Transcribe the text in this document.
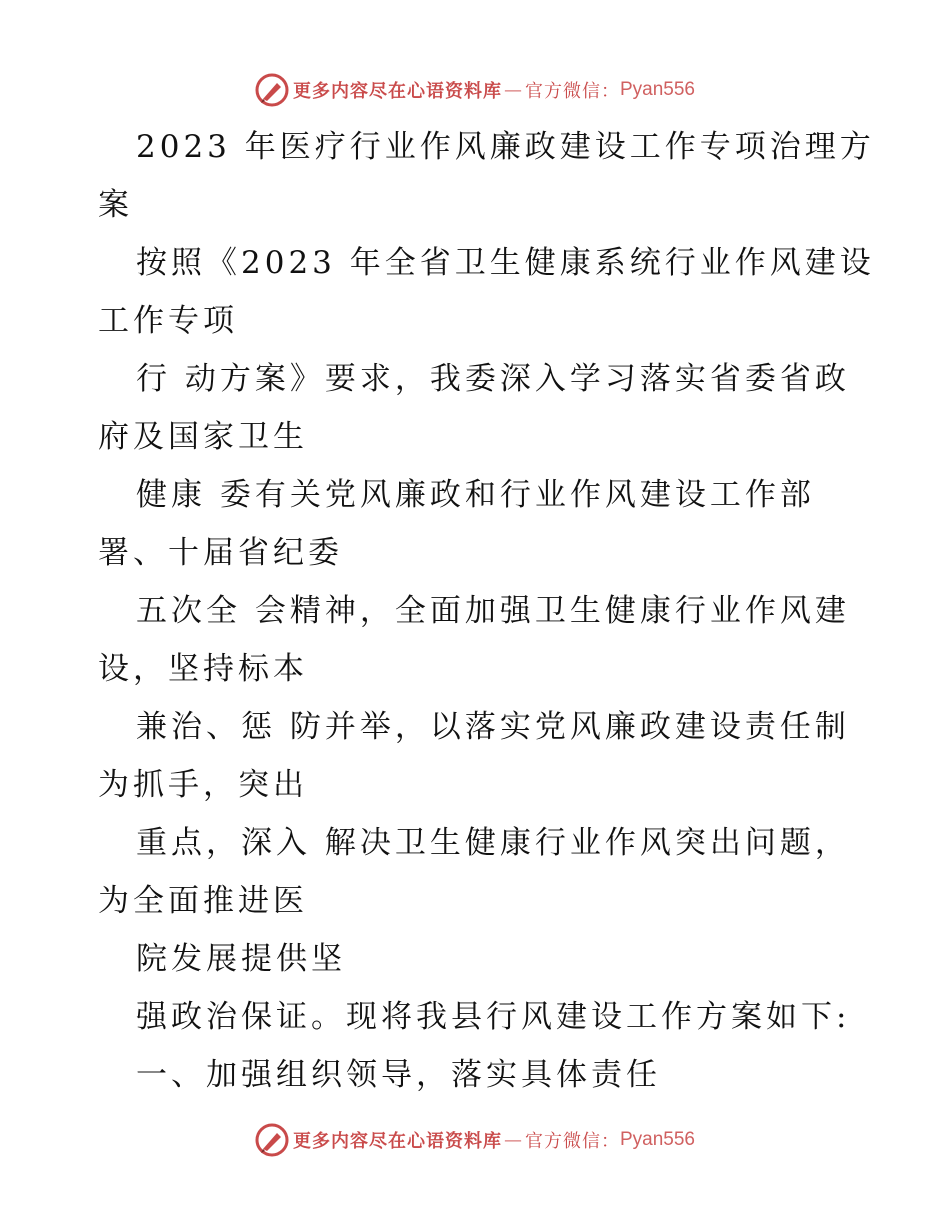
更多内容尽在心语资料库 — 官方微信： Pyan556
2023 年医疗行业作风廉政建设工作专项治理方
案
按照《2023 年全省卫生健康系统行业作风建设
工作专项
行 动方案》要求，我委深入学习落实省委省政
府及国家卫生
健康 委有关党风廉政和行业作风建设工作部
署、十届省纪委
五次全 会精神，全面加强卫生健康行业作风建
设，坚持标本
兼治、惩 防并举，以落实党风廉政建设责任制
为抓手，突出
重点，深入 解决卫生健康行业作风突出问题，
为全面推进医
院发展提供坚
强政治保证。现将我县行风建设工作方案如下:
一、加强组织领导，落实具体责任
更多内容尽在心语资料库 — 官方微信： Pyan556
